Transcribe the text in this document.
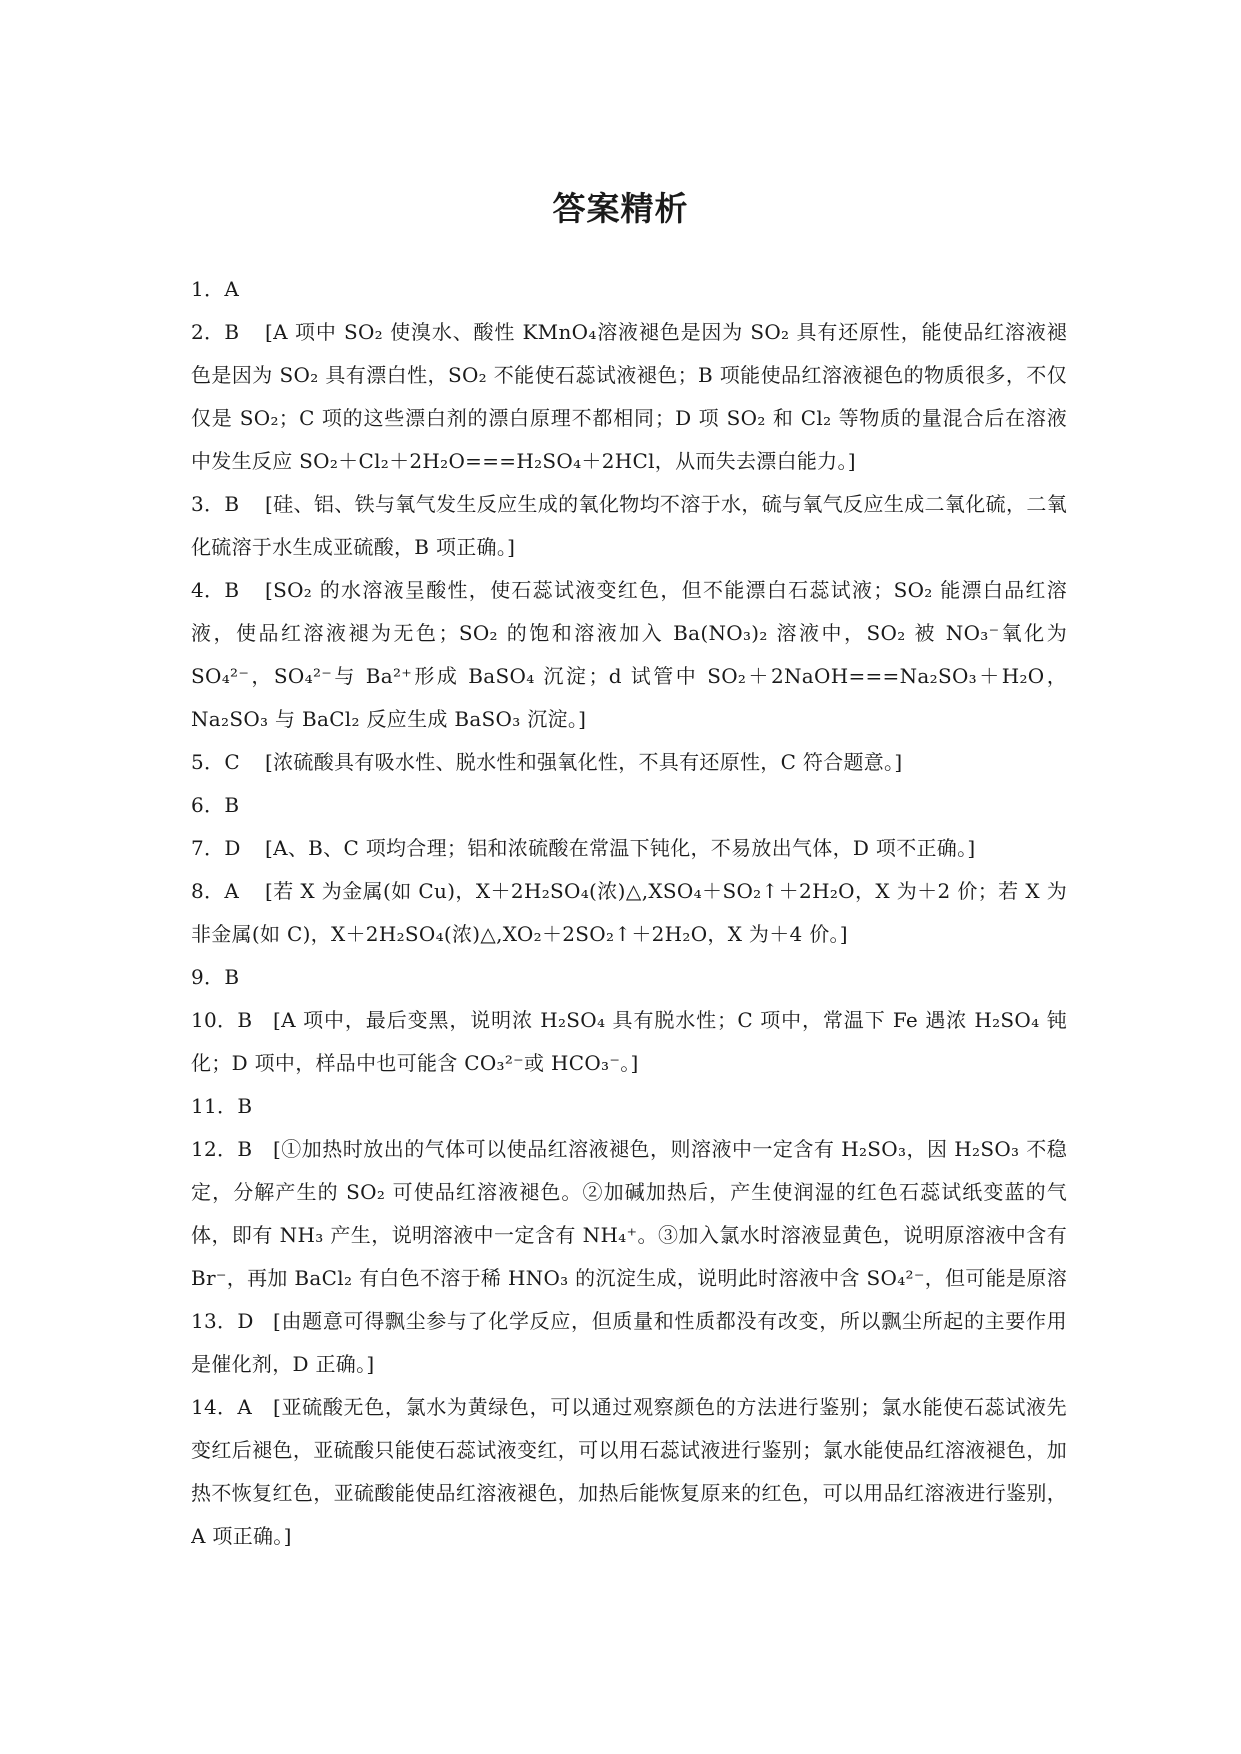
答案精析
1．A
2．B [A 项中 SO₂ 使溴水、酸性 KMnO₄溶液褪色是因为 SO₂ 具有还原性，能使品红溶液褪色是因为 SO₂ 具有漂白性，SO₂ 不能使石蕊试液褪色；B 项能使品红溶液褪色的物质很多，不仅仅是 SO₂；C 项的这些漂白剂的漂白原理不都相同；D 项 SO₂ 和 Cl₂ 等物质的量混合后在溶液中发生反应 SO₂＋Cl₂＋2H₂O===H₂SO₄＋2HCl，从而失去漂白能力。]
3．B [硅、铝、铁与氧气发生反应生成的氧化物均不溶于水，硫与氧气反应生成二氧化硫，二氧化硫溶于水生成亚硫酸，B 项正确。]
4．B [SO₂ 的水溶液呈酸性，使石蕊试液变红色，但不能漂白石蕊试液；SO₂ 能漂白品红溶液，使品红溶液褪为无色；SO₂ 的饱和溶液加入 Ba(NO₃)₂ 溶液中，SO₂ 被 NO₃⁻氧化为 SO₄²⁻，SO₄²⁻与 Ba²⁺形成 BaSO₄ 沉淀；d 试管中 SO₂＋2NaOH===Na₂SO₃＋H₂O，Na₂SO₃ 与 BaCl₂ 反应生成 BaSO₃ 沉淀。]
5．C [浓硫酸具有吸水性、脱水性和强氧化性，不具有还原性，C 符合题意。]
6．B
7．D [A、B、C 项均合理；铝和浓硫酸在常温下钝化，不易放出气体，D 项不正确。]
8．A [若 X 为金属(如 Cu)，X＋2H₂SO₄(浓)△,XSO₄＋SO₂↑＋2H₂O，X 为＋2 价；若 X 为非金属(如 C)，X＋2H₂SO₄(浓)△,XO₂＋2SO₂↑＋2H₂O，X 为＋4 价。]
9．B
10．B [A 项中，最后变黑，说明浓 H₂SO₄ 具有脱水性；C 项中，常温下 Fe 遇浓 H₂SO₄ 钝化；D 项中，样品中也可能含 CO₃²⁻或 HCO₃⁻。]
11．B
12．B [①加热时放出的气体可以使品红溶液褪色，则溶液中一定含有 H₂SO₃，因 H₂SO₃ 不稳定，分解产生的 SO₂ 可使品红溶液褪色。②加碱加热后，产生使润湿的红色石蕊试纸变蓝的气体，即有 NH₃ 产生，说明溶液中一定含有 NH₄⁺。③加入氯水时溶液显黄色，说明原溶液中含有 Br⁻，再加 BaCl₂ 有白色不溶于稀 HNO₃ 的沉淀生成，说明此时溶液中含 SO₄²⁻，但可能是原溶
13．D [由题意可得飘尘参与了化学反应，但质量和性质都没有改变，所以飘尘所起的主要作用是催化剂，D 正确。]
14．A [亚硫酸无色，氯水为黄绿色，可以通过观察颜色的方法进行鉴别；氯水能使石蕊试液先变红后褪色，亚硫酸只能使石蕊试液变红，可以用石蕊试液进行鉴别；氯水能使品红溶液褪色，加热不恢复红色，亚硫酸能使品红溶液褪色，加热后能恢复原来的红色，可以用品红溶液进行鉴别，A 项正确。]
